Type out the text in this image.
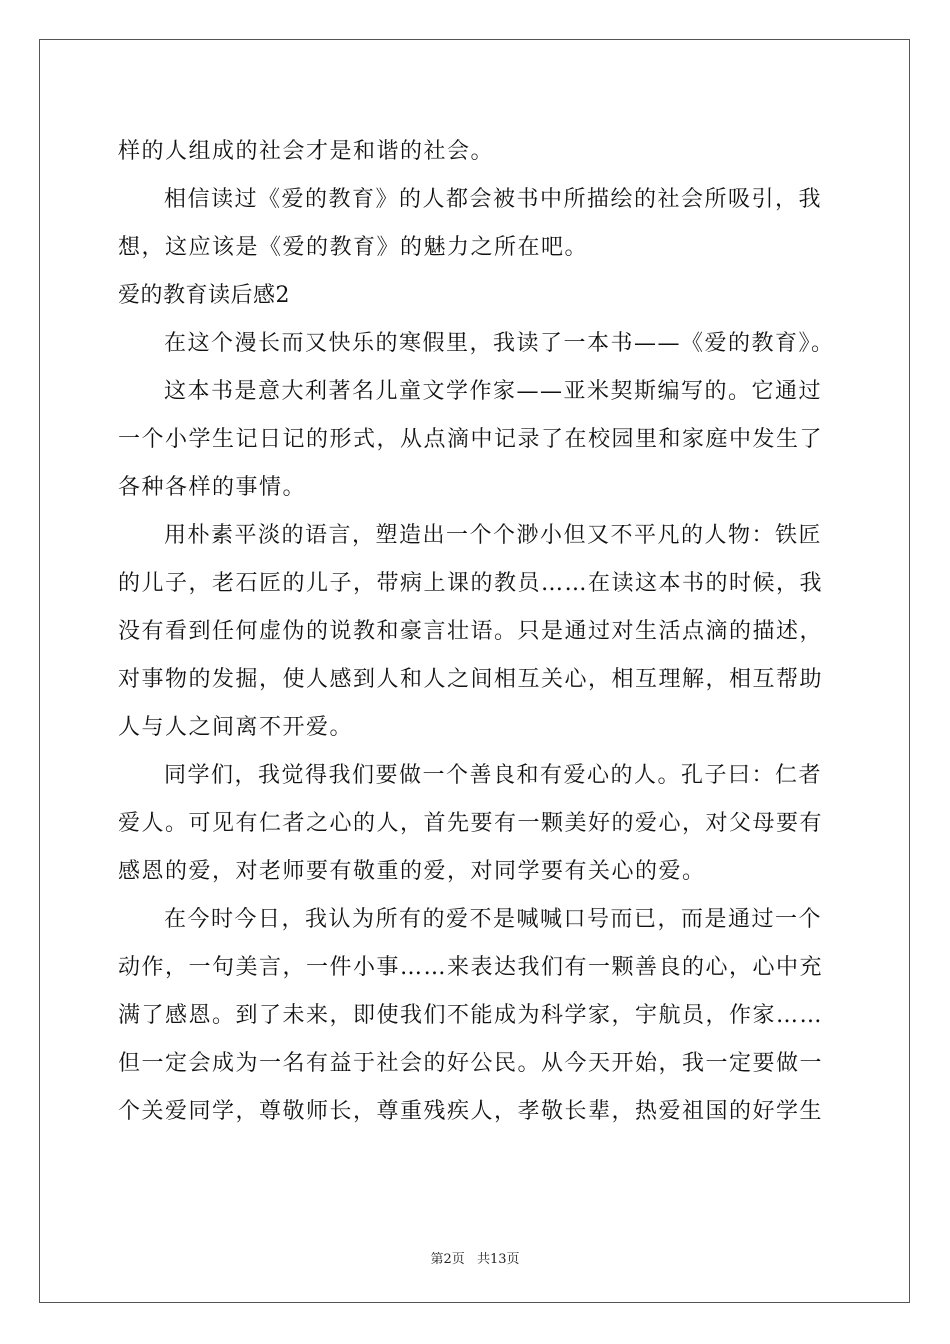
样的人组成的社会才是和谐的社会。
相信读过《爱的教育》的人都会被书中所描绘的社会所吸引，我
想，这应该是《爱的教育》的魅力之所在吧。
爱的教育读后感2
在这个漫长而又快乐的寒假里，我读了一本书——《爱的教育》。
这本书是意大利著名儿童文学作家——亚米契斯编写的。它通过
一个小学生记日记的形式，从点滴中记录了在校园里和家庭中发生了
各种各样的事情。
用朴素平淡的语言，塑造出一个个渺小但又不平凡的人物：铁匠
的儿子，老石匠的儿子，带病上课的教员……在读这本书的时候，我
没有看到任何虚伪的说教和豪言壮语。只是通过对生活点滴的描述，
对事物的发掘，使人感到人和人之间相互关心，相互理解，相互帮助
人与人之间离不开爱。
同学们，我觉得我们要做一个善良和有爱心的人。孔子曰：仁者
爱人。可见有仁者之心的人，首先要有一颗美好的爱心，对父母要有
感恩的爱，对老师要有敬重的爱，对同学要有关心的爱。
在今时今日，我认为所有的爱不是喊喊口号而已，而是通过一个
动作，一句美言，一件小事……来表达我们有一颗善良的心，心中充
满了感恩。到了未来，即使我们不能成为科学家，宇航员，作家……
但一定会成为一名有益于社会的好公民。从今天开始，我一定要做一
个关爱同学，尊敬师长，尊重残疾人，孝敬长辈，热爱祖国的好学生
第2页 共13页
